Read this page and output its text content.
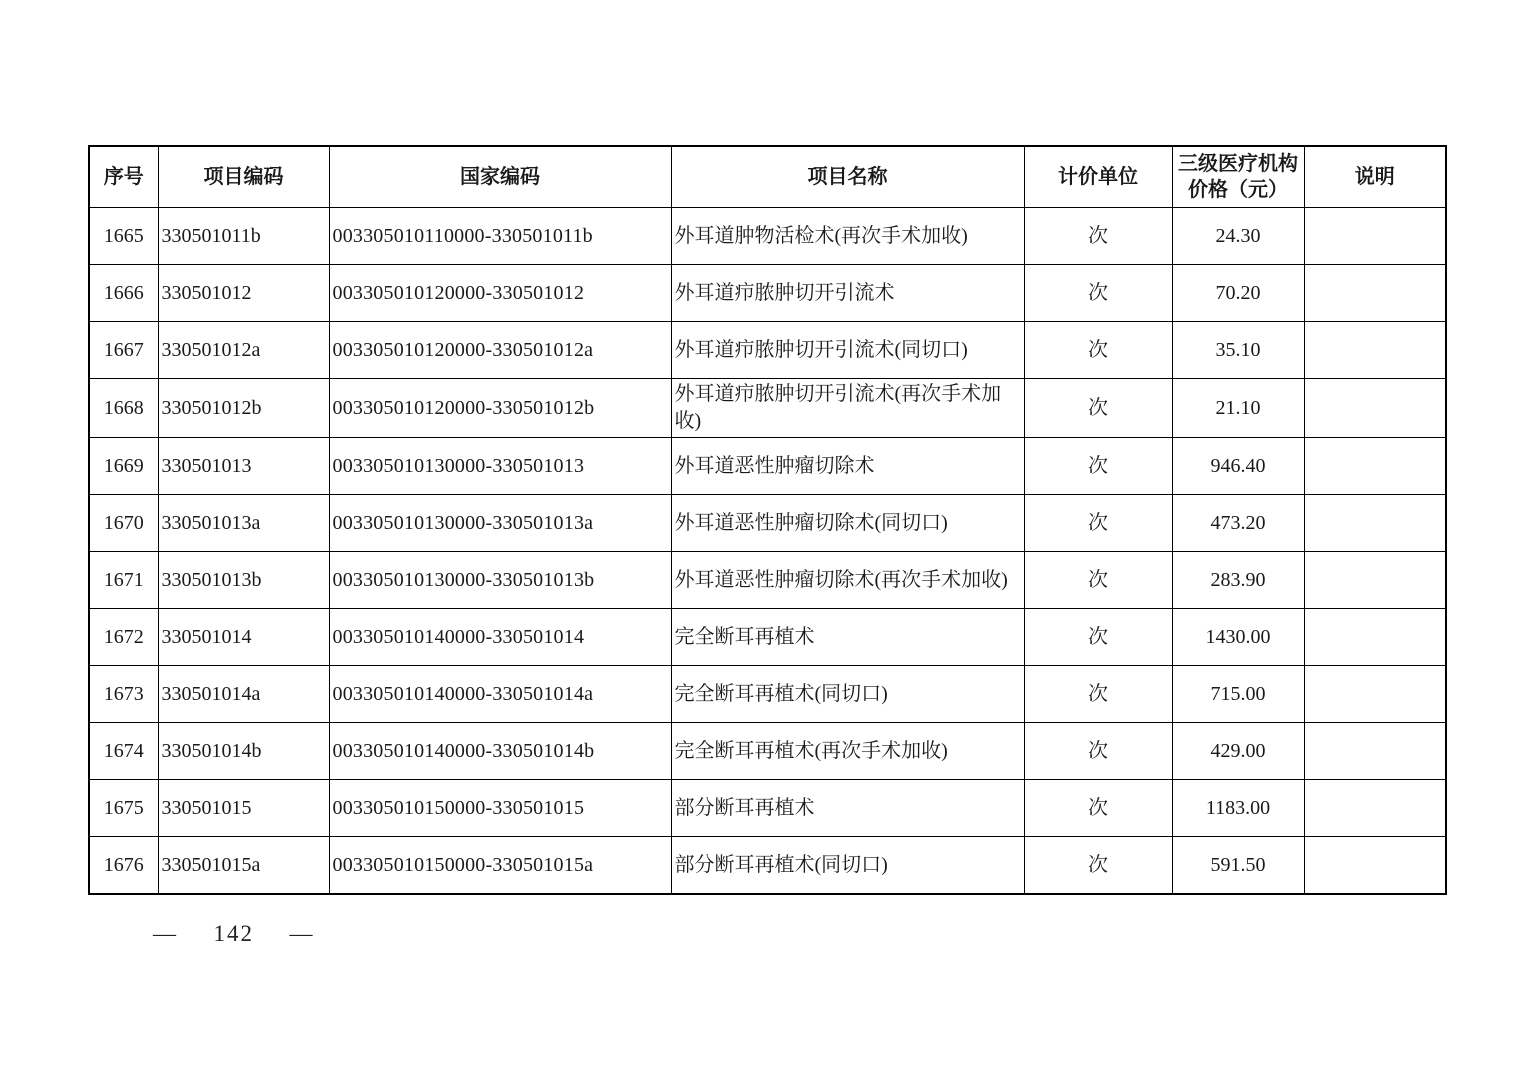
序号	项目编码	国家编码	项目名称	计价单位	三级医疗机构价格（元）	说明
1665	330501011b	003305010110000-330501011b	外耳道肿物活检术(再次手术加收)	次	24.30	
1666	330501012	003305010120000-330501012	外耳道疖脓肿切开引流术	次	70.20	
1667	330501012a	003305010120000-330501012a	外耳道疖脓肿切开引流术(同切口)	次	35.10	
1668	330501012b	003305010120000-330501012b	外耳道疖脓肿切开引流术(再次手术加收)	次	21.10	
1669	330501013	003305010130000-330501013	外耳道恶性肿瘤切除术	次	946.40	
1670	330501013a	003305010130000-330501013a	外耳道恶性肿瘤切除术(同切口)	次	473.20	
1671	330501013b	003305010130000-330501013b	外耳道恶性肿瘤切除术(再次手术加收)	次	283.90	
1672	330501014	003305010140000-330501014	完全断耳再植术	次	1430.00	
1673	330501014a	003305010140000-330501014a	完全断耳再植术(同切口)	次	715.00	
1674	330501014b	003305010140000-330501014b	完全断耳再植术(再次手术加收)	次	429.00	
1675	330501015	003305010150000-330501015	部分断耳再植术	次	1183.00	
1676	330501015a	003305010150000-330501015a	部分断耳再植术(同切口)	次	591.50	
—  142  —
